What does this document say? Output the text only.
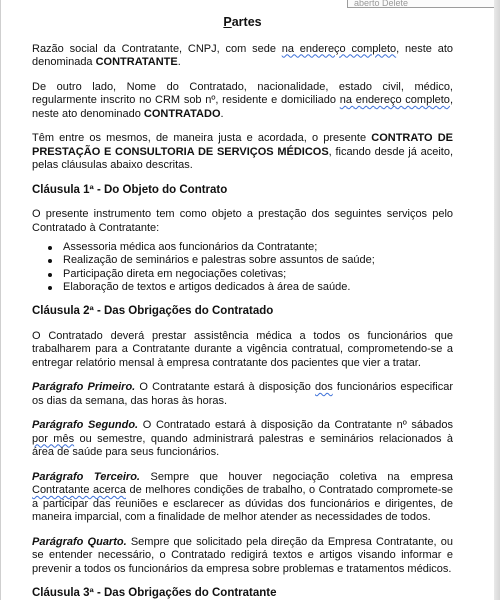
aberto Delete
Partes

Razão social da Contratante, CNPJ, com sede na endereço completo, neste ato denominada CONTRATANTE.

De outro lado, Nome do Contratado, nacionalidade, estado civil, médico, regularmente inscrito no CRM sob nº, residente e domiciliado na endereço completo, neste ato denominado CONTRATADO.

Têm entre os mesmos, de maneira justa e acordada, o presente CONTRATO DE PRESTAÇÃO E CONSULTORIA DE SERVIÇOS MÉDICOS, ficando desde já aceito, pelas cláusulas abaixo descritas.

Cláusula 1ª - Do Objeto do Contrato

O presente instrumento tem como objeto a prestação dos seguintes serviços pelo Contratado à Contratante:

Assessoria médica aos funcionários da Contratante;
Realização de seminários e palestras sobre assuntos de saúde;
Participação direta em negociações coletivas;
Elaboração de textos e artigos dedicados à área de saúde.
Cláusula 2ª - Das Obrigações do Contratado

O Contratado deverá prestar assistência médica a todos os funcionários que trabalharem para a Contratante durante a vigência contratual, comprometendo-se a entregar relatório mensal à empresa contratante dos pacientes que vier a tratar.

Parágrafo Primeiro. O Contratante estará à disposição dos funcionários especificar os dias da semana, das horas às horas.

Parágrafo Segundo. O Contratado estará à disposição da Contratante nº sábados por mês ou semestre, quando administrará palestras e seminários relacionados à área de saúde para seus funcionários.

Parágrafo Terceiro. Sempre que houver negociação coletiva na empresa Contratante acerca de melhores condições de trabalho, o Contratado compromete-se a participar das reuniões e esclarecer as dúvidas dos funcionários e dirigentes, de maneira imparcial, com a finalidade de melhor atender as necessidades de todos.

Parágrafo Quarto. Sempre que solicitado pela direção da Empresa Contratante, ou se entender necessário, o Contratado redigirá textos e artigos visando informar e prevenir a todos os funcionários da empresa sobre problemas e tratamentos médicos.

Cláusula 3ª - Das Obrigações do Contratante
